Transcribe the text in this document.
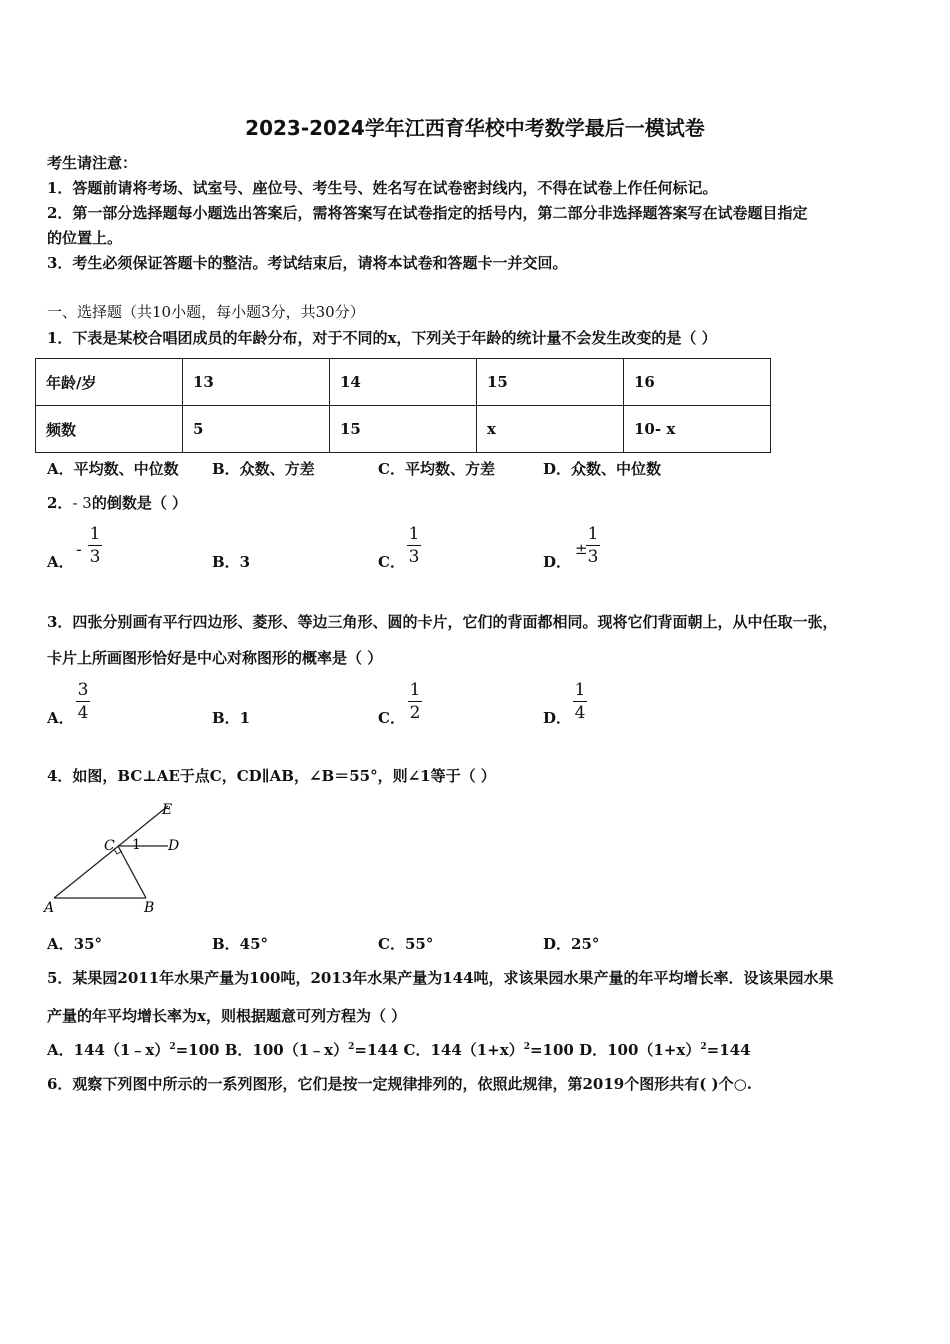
2023-2024学年江西育华校中考数学最后一模试卷
考生请注意：
1．答题前请将考场、试室号、座位号、考生号、姓名写在试卷密封线内，不得在试卷上作任何标记。
2．第一部分选择题每小题选出答案后，需将答案写在试卷指定的括号内，第二部分非选择题答案写在试卷题目指定
的位置上。
3．考生必须保证答题卡的整洁。考试结束后，请将本试卷和答题卡一并交回。
一、选择题（共10小题，每小题3分，共30分）
1．下表是某校合唱团成员的年龄分布，对于不同的x，下列关于年龄的统计量不会发生改变的是（ ）
年龄/岁	13	14	15	16
频数	5	15	x	10- x
A．平均数、中位数 B．众数、方差	C．平均数、方差	D．众数、中位数
2．- 3的倒数是（ ）
A．
-
1
3	B．3	C．
1
3	D．
±
1
3
3．四张分别画有平行四边形、菱形、等边三角形、圆的卡片，它们的背面都相同。现将它们背面朝上，从中任取一张，
卡片上所画图形恰好是中心对称图形的概率是（ ）
A．
3
4	B．1	C．
1
2	D．
1
4
4．如图，BC⊥AE于点C，CD∥AB，∠B＝55°，则∠1等于（ ）
E
C 1 D
A	B
A．35°	B．45°	C．55°	D．25°
5．某果园2011年水果产量为100吨，2013年水果产量为144吨，求该果园水果产量的年平均增长率．设该果园水果
产量的年平均增长率为x，则根据题意可列方程为（ ）
A．144（1﹣x）$^2$=100 B．100（1﹣x）$^2$=144 C．$144(1+x)^2=100$ D．$100(1+x)^2=144$
6．观察下列图中所示的一系列图形，它们是按一定规律排列的，依照此规律，第2019个图形共有( )个○.
